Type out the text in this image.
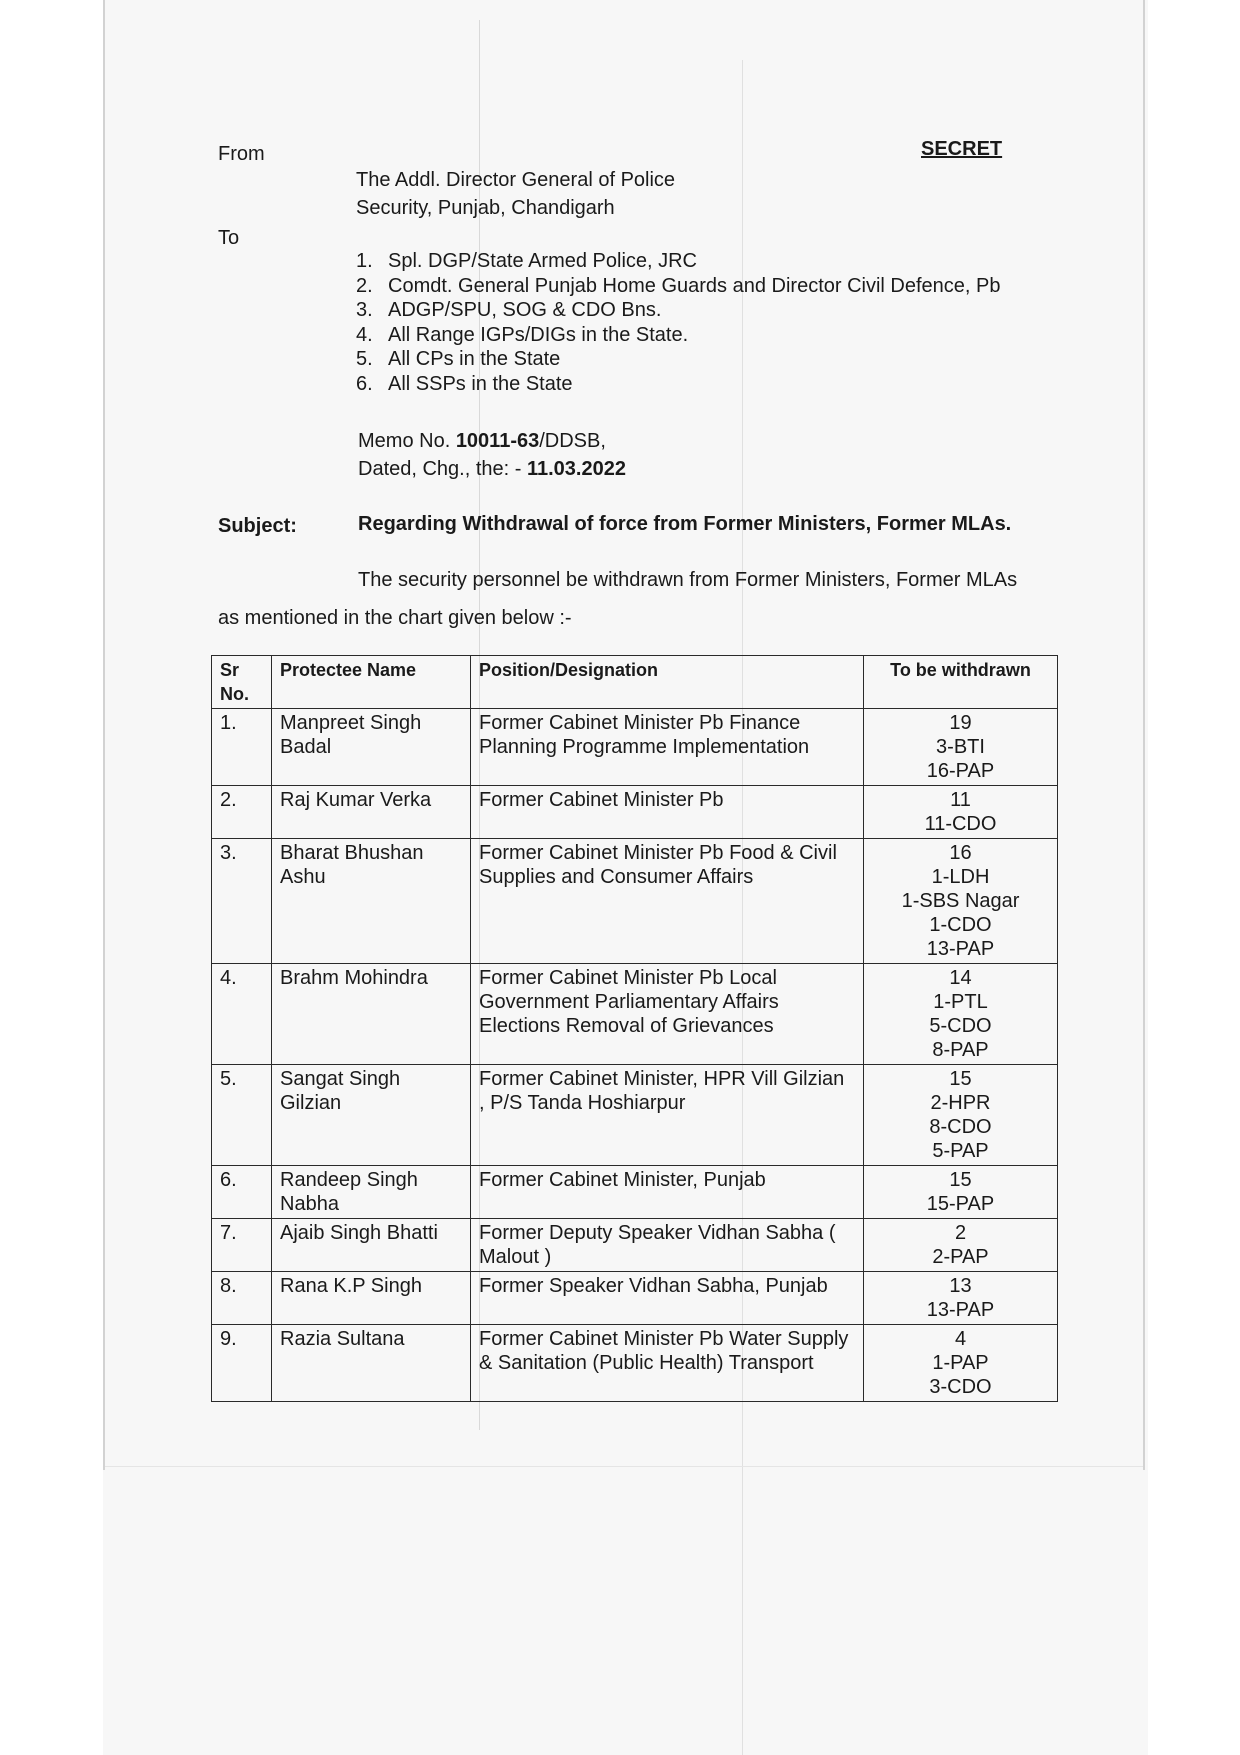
SECRET
From
The Addl. Director General of Police
Security, Punjab, Chandigarh
To
1. Spl. DGP/State Armed Police, JRC
2. Comdt. General Punjab Home Guards and Director Civil Defence, Pb
3. ADGP/SPU, SOG & CDO Bns.
4. All Range IGPs/DIGs in the State.
5. All CPs in the State
6. All SSPs in the State
Memo No. 10011-63/DDSB,
Dated, Chg., the: - 11.03.2022
Subject:	Regarding Withdrawal of force from Former Ministers, Former MLAs.
The security personnel be withdrawn from Former Ministers, Former MLAs
as mentioned in the chart given below :-
Sr No.	Protectee Name	Position/Designation	To be withdrawn
1.	Manpreet Singh Badal	Former Cabinet Minister Pb Finance Planning Programme Implementation	19
3-BTI
16-PAP

2.	Raj Kumar Verka	Former Cabinet Minister Pb	11
11-CDO

3.	Bharat Bhushan Ashu	Former Cabinet Minister Pb Food & Civil Supplies and Consumer Affairs	16
1-LDH
1-SBS Nagar
1-CDO
13-PAP

4.	Brahm Mohindra	Former Cabinet Minister Pb Local Government Parliamentary Affairs Elections Removal of Grievances	14
1-PTL
5-CDO
8-PAP

5.	Sangat Singh Gilzian	Former Cabinet Minister, HPR Vill Gilzian , P/S Tanda Hoshiarpur	15
2-HPR
8-CDO
5-PAP

6.	Randeep Singh Nabha	Former Cabinet Minister, Punjab	15
15-PAP

7.	Ajaib Singh Bhatti	Former Deputy Speaker Vidhan Sabha ( Malout )	2
2-PAP

8.	Rana K.P Singh	Former Speaker Vidhan Sabha, Punjab	13
13-PAP

9.	Razia Sultana	Former Cabinet Minister Pb Water Supply & Sanitation (Public Health) Transport	4
1-PAP
3-CDO
